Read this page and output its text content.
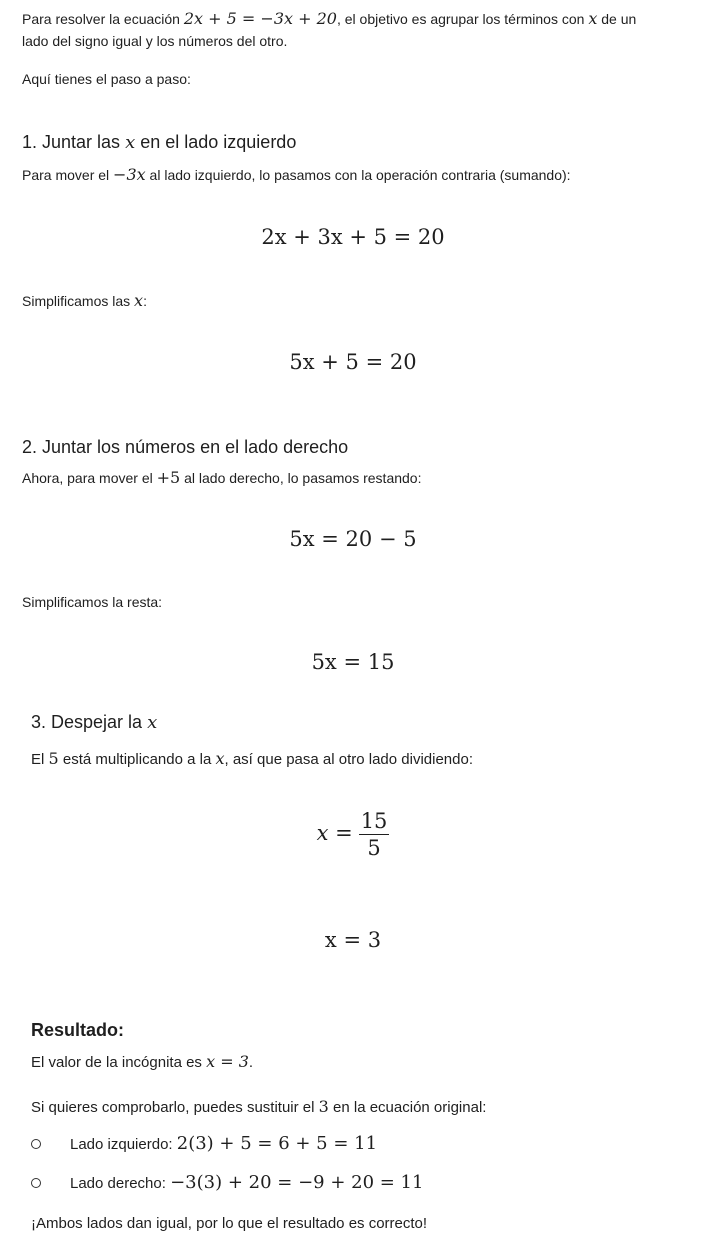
Para resolver la ecuación 2x + 5 = −3x + 20, el objetivo es agrupar los términos con x de un
lado del signo igual y los números del otro.
Aquí tienes el paso a paso:
1. Juntar las x en el lado izquierdo
Para mover el −3x al lado izquierdo, lo pasamos con la operación contraria (sumando):
2x + 3x + 5 = 20
Simplificamos las x:
5x + 5 = 20
2. Juntar los números en el lado derecho
Ahora, para mover el +5 al lado derecho, lo pasamos restando:
5x = 20 − 5
Simplificamos la resta:
5x = 15
3. Despejar la x
El 5 está multiplicando a la x, así que pasa al otro lado dividiendo:
$x = \frac{15}{5}$
x = 3
Resultado:
El valor de la incógnita es x = 3.
Si quieres comprobarlo, puedes sustituir el 3 en la ecuación original:
Lado izquierdo: 2(3) + 5 = 6 + 5 = 11
Lado derecho: −3(3) + 20 = −9 + 20 = 11
¡Ambos lados dan igual, por lo que el resultado es correcto!
